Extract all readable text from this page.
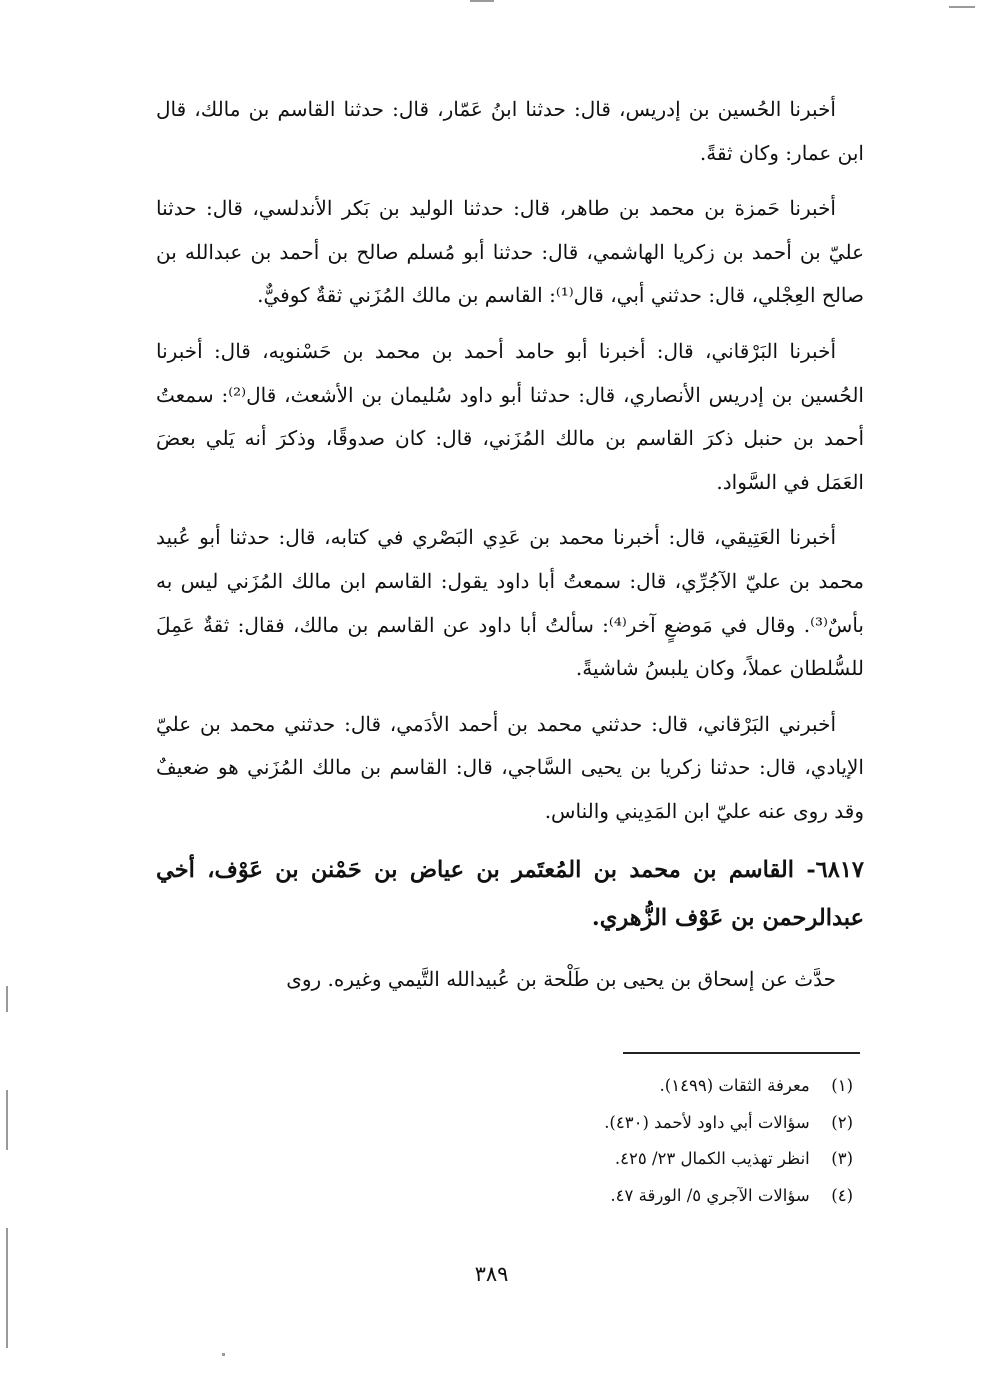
أخبرنا الحُسين بن إدريس، قال: حدثنا ابنُ عَمّار، قال: حدثنا القاسم بن مالك، قال ابن عمار: وكان ثقةً.

أخبرنا حَمزة بن محمد بن طاهر، قال: حدثنا الوليد بن بَكر الأندلسي، قال: حدثنا عليّ بن أحمد بن زكريا الهاشمي، قال: حدثنا أبو مُسلم صالح بن أحمد بن عبدالله بن صالح العِجْلي، قال: حدثني أبي، قال⁽¹⁾: القاسم بن مالك المُزَني ثقةٌ كوفيٌّ.

أخبرنا البَرْقاني، قال: أخبرنا أبو حامد أحمد بن محمد بن حَسْنويه، قال: أخبرنا الحُسين بن إدريس الأنصاري، قال: حدثنا أبو داود سُليمان بن الأشعث، قال⁽²⁾: سمعتُ أحمد بن حنبل ذكرَ القاسم بن مالك المُزَني، قال: كان صدوقًا، وذكرَ أنه يَلي بعضَ العَمَل في السَّواد.

أخبرنا العَتِيقي، قال: أخبرنا محمد بن عَدِي البَصْري في كتابه، قال: حدثنا أبو عُبيد محمد بن عليّ الآجُرِّي، قال: سمعتُ أبا داود يقول: القاسم ابن مالك المُزَني ليس به بأسٌ⁽³⁾. وقال في مَوضعٍ آخر⁽⁴⁾: سألتُ أبا داود عن القاسم بن مالك، فقال: ثقةٌ عَمِلَ للسُّلطان عملاً، وكان يلبسُ شاشيةً.

أخبرني البَرْقاني، قال: حدثني محمد بن أحمد الأدَمي، قال: حدثني محمد بن عليّ الإيادي، قال: حدثنا زكريا بن يحيى السَّاجي، قال: القاسم بن مالك المُزَني هو ضعيفٌ وقد روى عنه عليّ ابن المَدِيني والناس.

٦٨١٧- القاسم بن محمد بن المُعتَمر بن عياض بن حَمْنن بن عَوْف، أخي عبدالرحمن بن عَوْف الزُّهري.

حدَّث عن إسحاق بن يحيى بن طَلْحة بن عُبيدالله التَّيمي وغيره. روى

(١) معرفة الثقات (١٤٩٩).
(٢) سؤالات أبي داود لأحمد (٤٣٠).
(٣) انظر تهذيب الكمال ٢٣/ ٤٢٥.
(٤) سؤالات الآجري ٥/ الورقة ٤٧.
٣٨٩
